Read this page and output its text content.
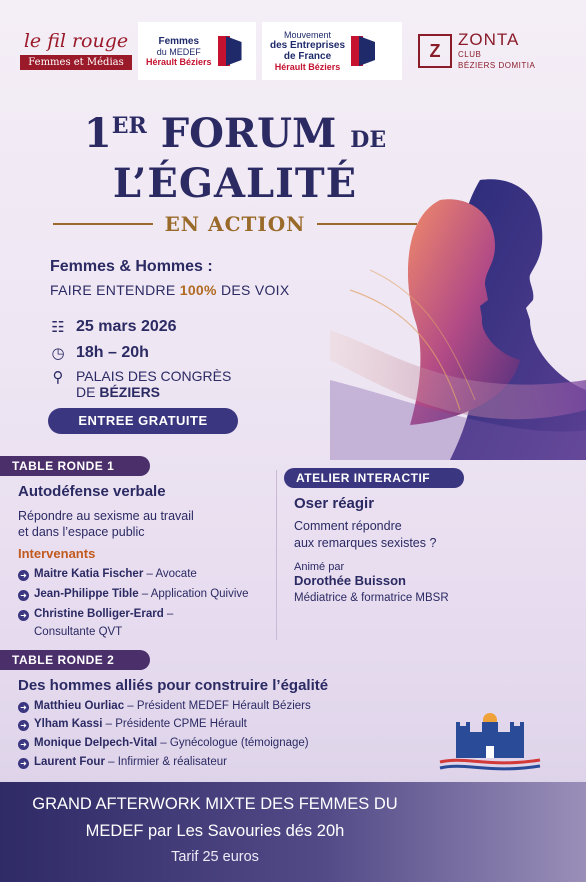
le fil rouge
Femmes et Médias
Femmes
du MEDEF
Hérault Béziers
Mouvement
des Entreprises
de France
Hérault Béziers
Z
ZONTA
CLUB
BÉZIERS DOMITIA
1ER FORUM DE
L’ÉGALITÉ
EN ACTION
Femmes & Hommes :
FAIRE ENTENDRE 100% DES VOIX
☷ 25 mars 2026
◷ 18h – 20h
⚲ PALAIS DES CONGRÈS
DE BÉZIERS
ENTREE GRATUITE
TABLE RONDE 1
Autodéfense verbale
Répondre au sexisme au travail
et dans l’espace public
Intervenants
➜ Maitre Katia Fischer – Avocate
➜ Jean-Philippe Tible – Application Quivive
➜ Christine Bolliger-Erard –
Consultante QVT
ATELIER INTERACTIF
Oser réagir
Comment répondre
aux remarques sexistes ?
Animé par
Dorothée Buisson
Médiatrice & formatrice MBSR
TABLE RONDE 2
Des hommes alliés pour construire l’égalité
➜ Matthieu Ourliac – Président MEDEF Hérault Béziers
➜ Ylham Kassi – Présidente CPME Hérault
➜ Monique Delpech-Vital – Gynécologue (témoignage)
➜ Laurent Four – Infirmier & réalisateur
GRAND AFTERWORK MIXTE DES FEMMES DU
MEDEF par Les Savouries dés 20h
Tarif 25 euros
